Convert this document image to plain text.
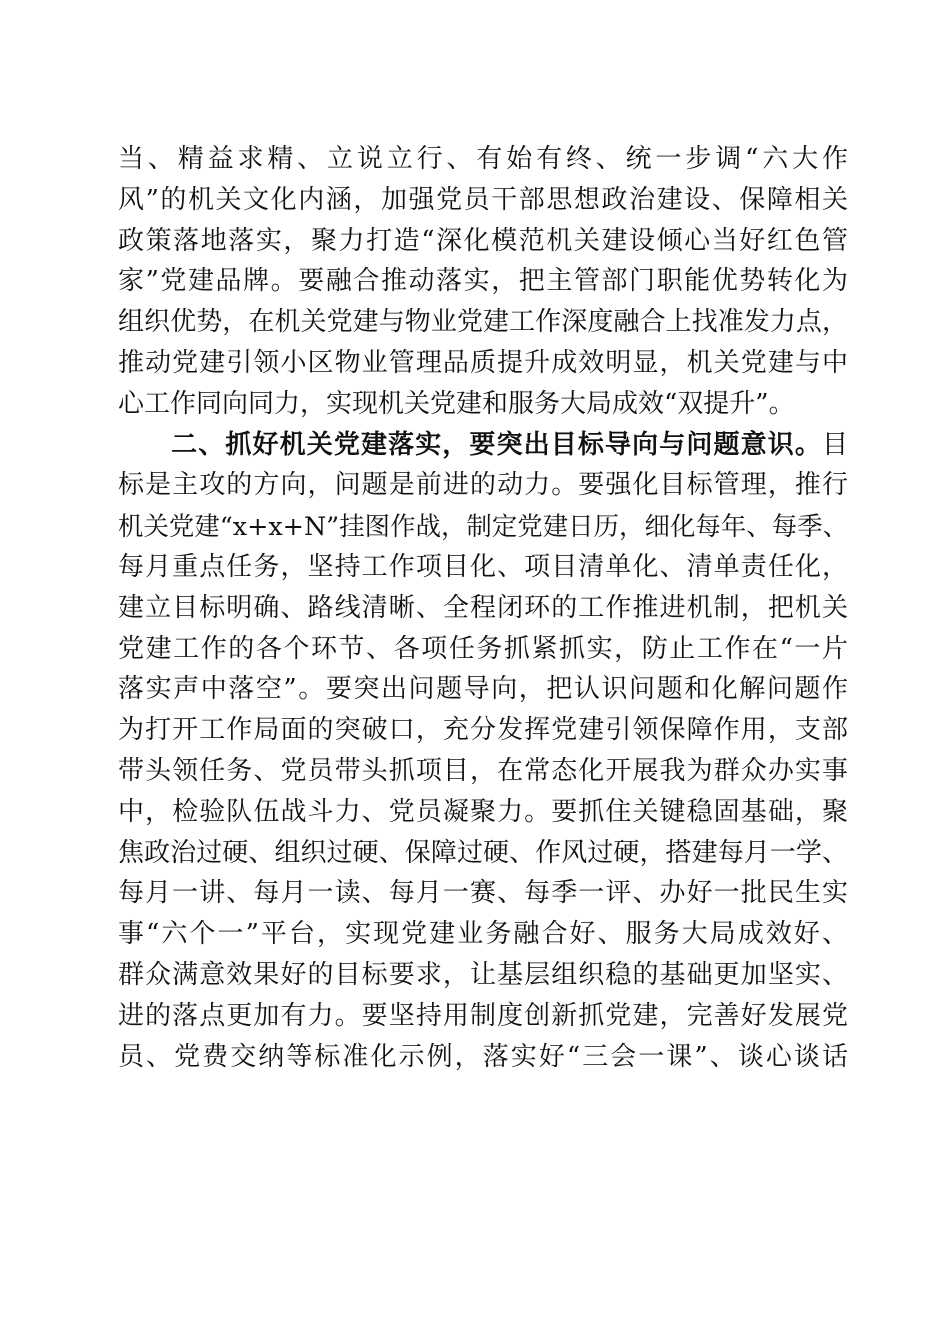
当、精益求精、立说立行、有始有终、统一步调“六大作
风”的机关文化内涵，加强党员干部思想政治建设、保障相关
政策落地落实，聚力打造“深化模范机关建设倾心当好红色管
家”党建品牌。要融合推动落实，把主管部门职能优势转化为
组织优势，在机关党建与物业党建工作深度融合上找准发力点，
推动党建引领小区物业管理品质提升成效明显，机关党建与中
心工作同向同力，实现机关党建和服务大局成效“双提升”。
二、抓好机关党建落实，要突出目标导向与问题意识。目
标是主攻的方向，问题是前进的动力。要强化目标管理，推行
机关党建“x+x+N”挂图作战，制定党建日历，细化每年、每季、
每月重点任务，坚持工作项目化、项目清单化、清单责任化，
建立目标明确、路线清晰、全程闭环的工作推进机制，把机关
党建工作的各个环节、各项任务抓紧抓实，防止工作在“一片
落实声中落空”。要突出问题导向，把认识问题和化解问题作
为打开工作局面的突破口，充分发挥党建引领保障作用，支部
带头领任务、党员带头抓项目，在常态化开展我为群众办实事
中，检验队伍战斗力、党员凝聚力。要抓住关键稳固基础，聚
焦政治过硬、组织过硬、保障过硬、作风过硬，搭建每月一学、
每月一讲、每月一读、每月一赛、每季一评、办好一批民生实
事“六个一”平台，实现党建业务融合好、服务大局成效好、
群众满意效果好的目标要求，让基层组织稳的基础更加坚实、
进的落点更加有力。要坚持用制度创新抓党建，完善好发展党
员、党费交纳等标准化示例，落实好“三会一课”、谈心谈话
